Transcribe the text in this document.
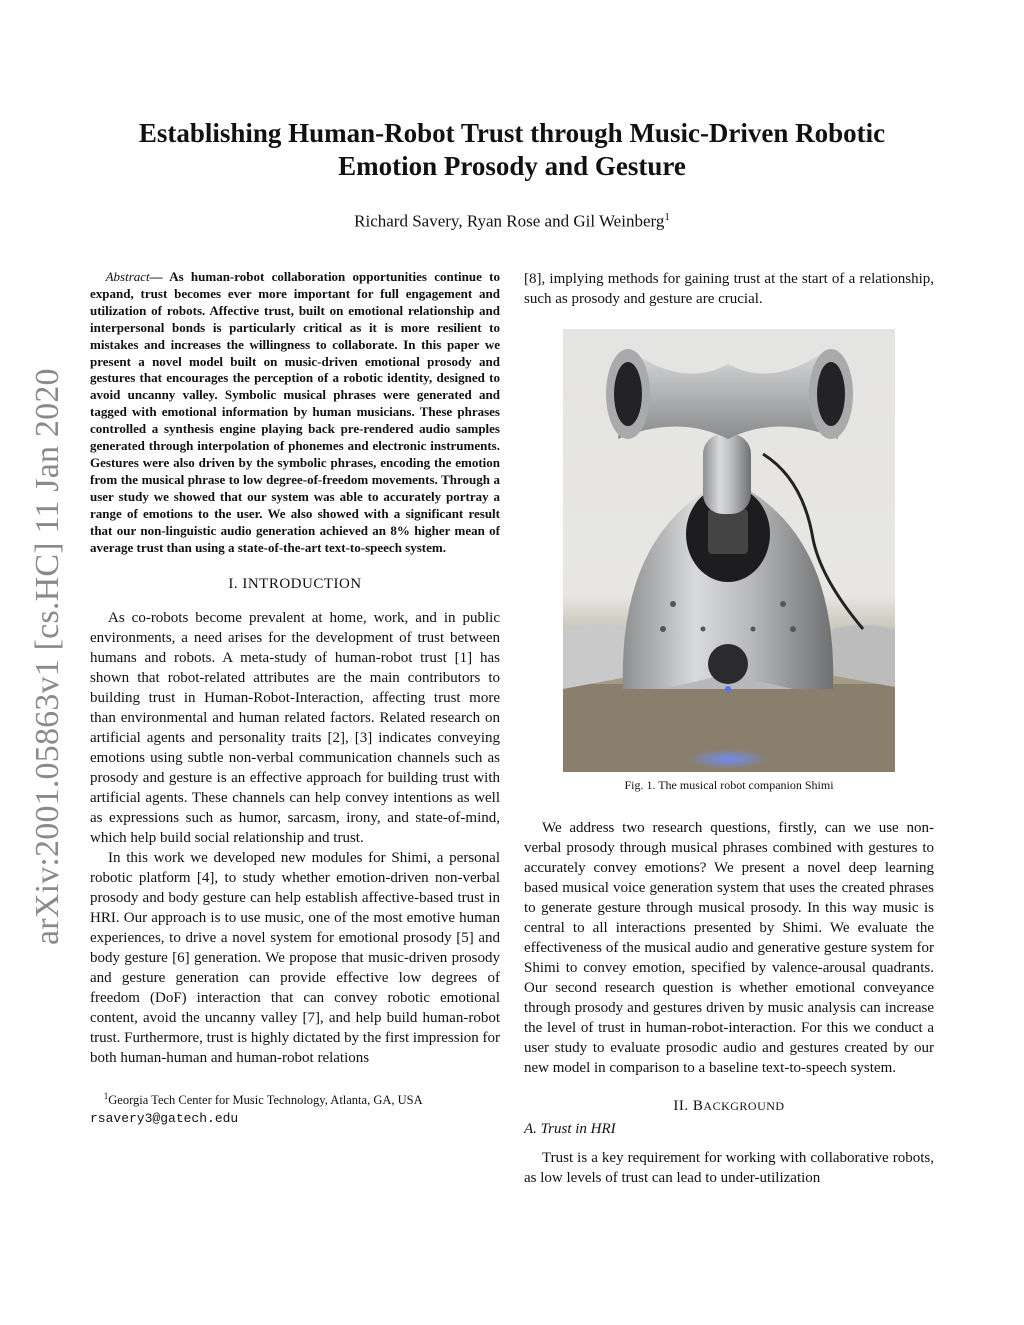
arXiv:2001.05863v1 [cs.HC] 11 Jan 2020
Establishing Human-Robot Trust through Music-Driven Robotic
Emotion Prosody and Gesture
Richard Savery, Ryan Rose and Gil Weinberg$^1$

Abstract— As human-robot collaboration opportunities continue to expand, trust becomes ever more important for full engagement and utilization of robots. Affective trust, built on emotional relationship and interpersonal bonds is particularly critical as it is more resilient to mistakes and increases the willingness to collaborate. In this paper we present a novel model built on music-driven emotional prosody and gestures that encourages the perception of a robotic identity, designed to avoid uncanny valley. Symbolic musical phrases were generated and tagged with emotional information by human musicians. These phrases controlled a synthesis engine playing back pre-rendered audio samples generated through interpolation of phonemes and electronic instruments. Gestures were also driven by the symbolic phrases, encoding the emotion from the musical phrase to low degree-of-freedom movements. Through a user study we showed that our system was able to accurately portray a range of emotions to the user. We also showed with a significant result that our non-linguistic audio generation achieved an 8% higher mean of average trust than using a state-of-the-art text-to-speech system.

I. INTRODUCTION

As co-robots become prevalent at home, work, and in public environments, a need arises for the development of trust between humans and robots. A meta-study of human-robot trust [1] has shown that robot-related attributes are the main contributors to building trust in Human-Robot-Interaction, affecting trust more than environmental and human related factors. Related research on artificial agents and personality traits [2], [3] indicates conveying emotions using subtle non-verbal communication channels such as prosody and gesture is an effective approach for building trust with artificial agents. These channels can help convey intentions as well as expressions such as humor, sarcasm, irony, and state-of-mind, which help build social relationship and trust.

In this work we developed new modules for Shimi, a personal robotic platform [4], to study whether emotion-driven non-verbal prosody and body gesture can help establish affective-based trust in HRI. Our approach is to use music, one of the most emotive human experiences, to drive a novel system for emotional prosody [5] and body gesture [6] generation. We propose that music-driven prosody and gesture generation can provide effective low degrees of freedom (DoF) interaction that can convey robotic emotional content, avoid the uncanny valley [7], and help build human-robot trust. Furthermore, trust is highly dictated by the first impression for both human-human and human-robot relations

$^1$Georgia Tech Center for Music Technology, Atlanta, GA, USA
rsavery3@gatech.edu

[8], implying methods for gaining trust at the start of a relationship, such as prosody and gesture are crucial.

Fig. 1. The musical robot companion Shimi

We address two research questions, firstly, can we use non-verbal prosody through musical phrases combined with gestures to accurately convey emotions? We present a novel deep learning based musical voice generation system that uses the created phrases to generate gesture through musical prosody. In this way music is central to all interactions presented by Shimi. We evaluate the effectiveness of the musical audio and generative gesture system for Shimi to convey emotion, specified by valence-arousal quadrants. Our second research question is whether emotional conveyance through prosody and gestures driven by music analysis can increase the level of trust in human-robot-interaction. For this we conduct a user study to evaluate prosodic audio and gestures created by our new model in comparison to a baseline text-to-speech system.

II. BACKGROUND

A. Trust in HRI

Trust is a key requirement for working with collaborative robots, as low levels of trust can lead to under-utilization
